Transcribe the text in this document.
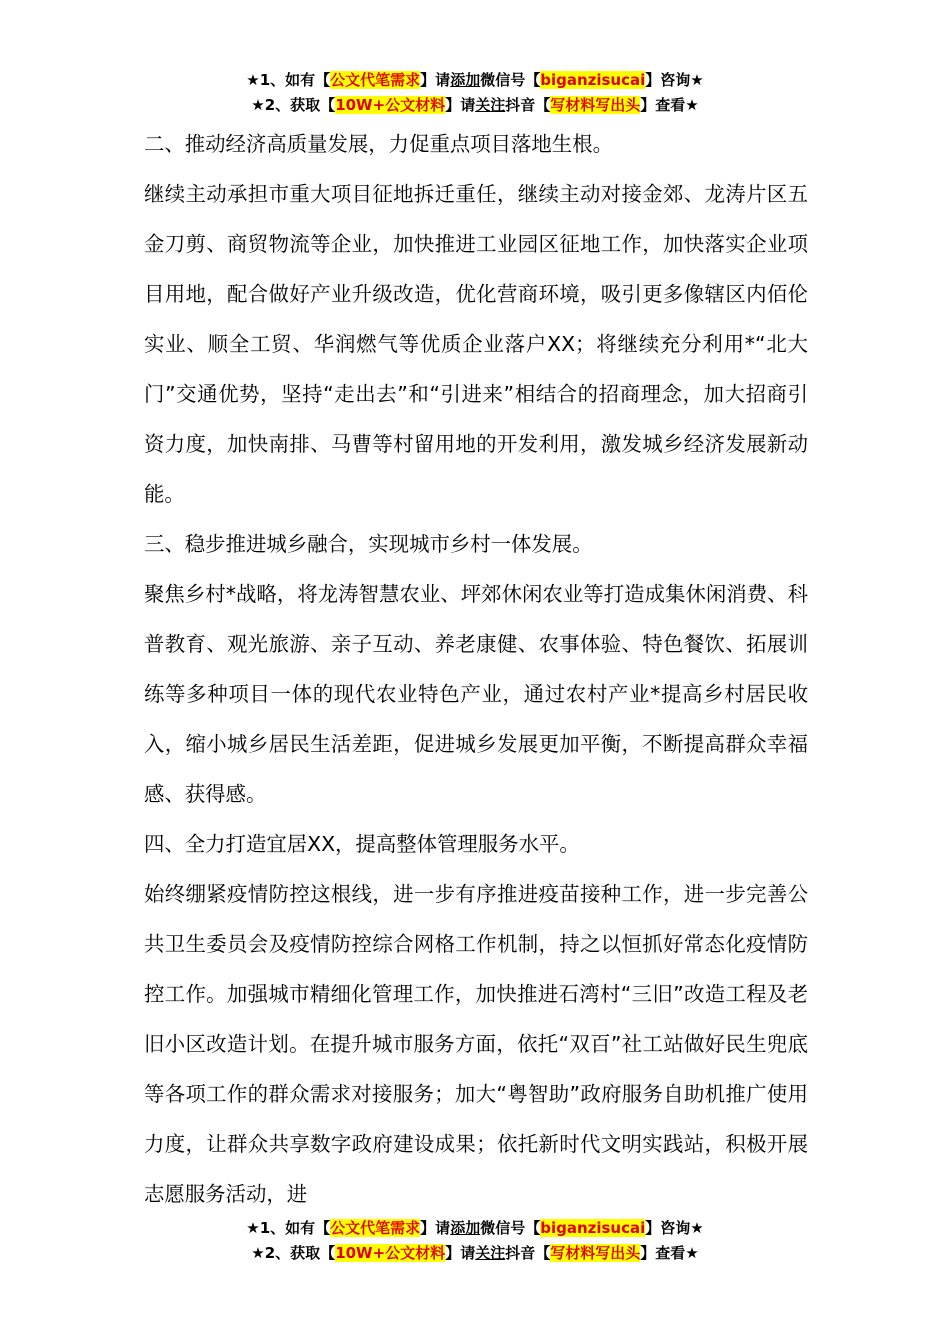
★1、如有【公文代笔需求】请添加微信号【biganzisucai】咨询★
★2、获取【10W+公文材料】请关注抖音【写材料写出头】查看★

二、推动经济高质量发展，力促重点项目落地生根。

继续主动承担市重大项目征地拆迁重任，继续主动对接金郊、龙涛片区五金刀剪、商贸物流等企业，加快推进工业园区征地工作，加快落实企业项目用地，配合做好产业升级改造，优化营商环境，吸引更多像辖区内佰伦实业、顺全工贸、华润燃气等优质企业落户XX；将继续充分利用*“北大门”交通优势，坚持“走出去”和“引进来”相结合的招商理念，加大招商引资力度，加快南排、马曹等村留用地的开发利用，激发城乡经济发展新动能。

三、稳步推进城乡融合，实现城市乡村一体发展。

聚焦乡村*战略，将龙涛智慧农业、坪郊休闲农业等打造成集休闲消费、科普教育、观光旅游、亲子互动、养老康健、农事体验、特色餐饮、拓展训练等多种项目一体的现代农业特色产业，通过农村产业*提高乡村居民收入，缩小城乡居民生活差距，促进城乡发展更加平衡，不断提高群众幸福感、获得感。

四、全力打造宜居XX，提高整体管理服务水平。

始终绷紧疫情防控这根线，进一步有序推进疫苗接种工作，进一步完善公共卫生委员会及疫情防控综合网格工作机制，持之以恒抓好常态化疫情防控工作。加强城市精细化管理工作，加快推进石湾村“三旧”改造工程及老旧小区改造计划。在提升城市服务方面，依托“双百”社工站做好民生兜底等各项工作的群众需求对接服务；加大“粤智助”政府服务自助机推广使用力度，让群众共享数字政府建设成果；依托新时代文明实践站，积极开展志愿服务活动，进

★1、如有【公文代笔需求】请添加微信号【biganzisucai】咨询★
★2、获取【10W+公文材料】请关注抖音【写材料写出头】查看★
